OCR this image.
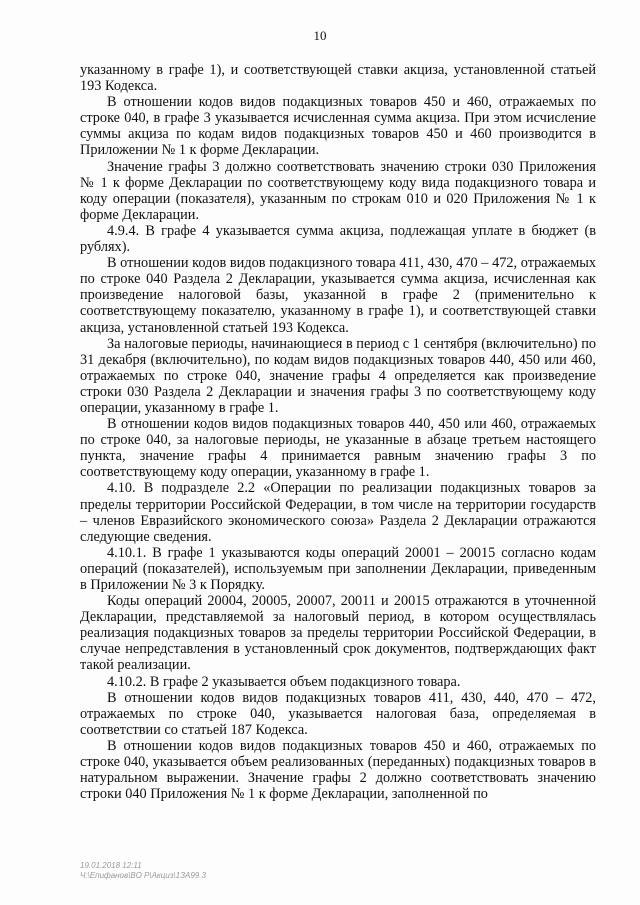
10

указанному в графе 1), и соответствующей ставки акциза, установленной статьей 193 Кодекса.

В отношении кодов видов подакцизных товаров 450 и 460, отражаемых по строке 040, в графе 3 указывается исчисленная сумма акциза. При этом исчисление суммы акциза по кодам видов подакцизных товаров 450 и 460 производится в Приложении № 1 к форме Декларации.

Значение графы 3 должно соответствовать значению строки 030 Приложения № 1 к форме Декларации по соответствующему коду вида подакцизного товара и коду операции (показателя), указанным по строкам 010 и 020 Приложения № 1 к форме Декларации.

4.9.4. В графе 4 указывается сумма акциза, подлежащая уплате в бюджет (в рублях).

В отношении кодов видов подакцизного товара 411, 430, 470 – 472, отражаемых по строке 040 Раздела 2 Декларации, указывается сумма акциза, исчисленная как произведение налоговой базы, указанной в графе 2 (применительно к соответствующему показателю, указанному в графе 1), и соответствующей ставки акциза, установленной статьей 193 Кодекса.

За налоговые периоды, начинающиеся в период с 1 сентября (включительно) по 31 декабря (включительно), по кодам видов подакцизных товаров 440, 450 или 460, отражаемых по строке 040, значение графы 4 определяется как произведение строки 030 Раздела 2 Декларации и значения графы 3 по соответствующему коду операции, указанному в графе 1.

В отношении кодов видов подакцизных товаров 440, 450 или 460, отражаемых по строке 040, за налоговые периоды, не указанные в абзаце третьем настоящего пункта, значение графы 4 принимается равным значению графы 3 по соответствующему коду операции, указанному в графе 1.

4.10. В подразделе 2.2 «Операции по реализации подакцизных товаров за пределы территории Российской Федерации, в том числе на территории государств – членов Евразийского экономического союза» Раздела 2 Декларации отражаются следующие сведения.

4.10.1. В графе 1 указываются коды операций 20001 – 20015 согласно кодам операций (показателей), используемым при заполнении Декларации, приведенным в Приложении № 3 к Порядку.

Коды операций 20004, 20005, 20007, 20011 и 20015 отражаются в уточненной Декларации, представляемой за налоговый период, в котором осуществлялась реализация подакцизных товаров за пределы территории Российской Федерации, в случае непредставления в установленный срок документов, подтверждающих факт такой реализации.

4.10.2. В графе 2 указывается объем подакцизного товара.

В отношении кодов видов подакцизных товаров 411, 430, 440, 470 – 472, отражаемых по строке 040, указывается налоговая база, определяемая в соответствии со статьей 187 Кодекса.

В отношении кодов видов подакцизных товаров 450 и 460, отражаемых по строке 040, указывается объем реализованных (переданных) подакцизных товаров в натуральном выражении. Значение графы 2 должно соответствовать значению строки 040 Приложения № 1 к форме Декларации, заполненной по

19.01.2018 12:11
Ч:\Епифанов\ВО Р\Акциз\1ЗА99.3
